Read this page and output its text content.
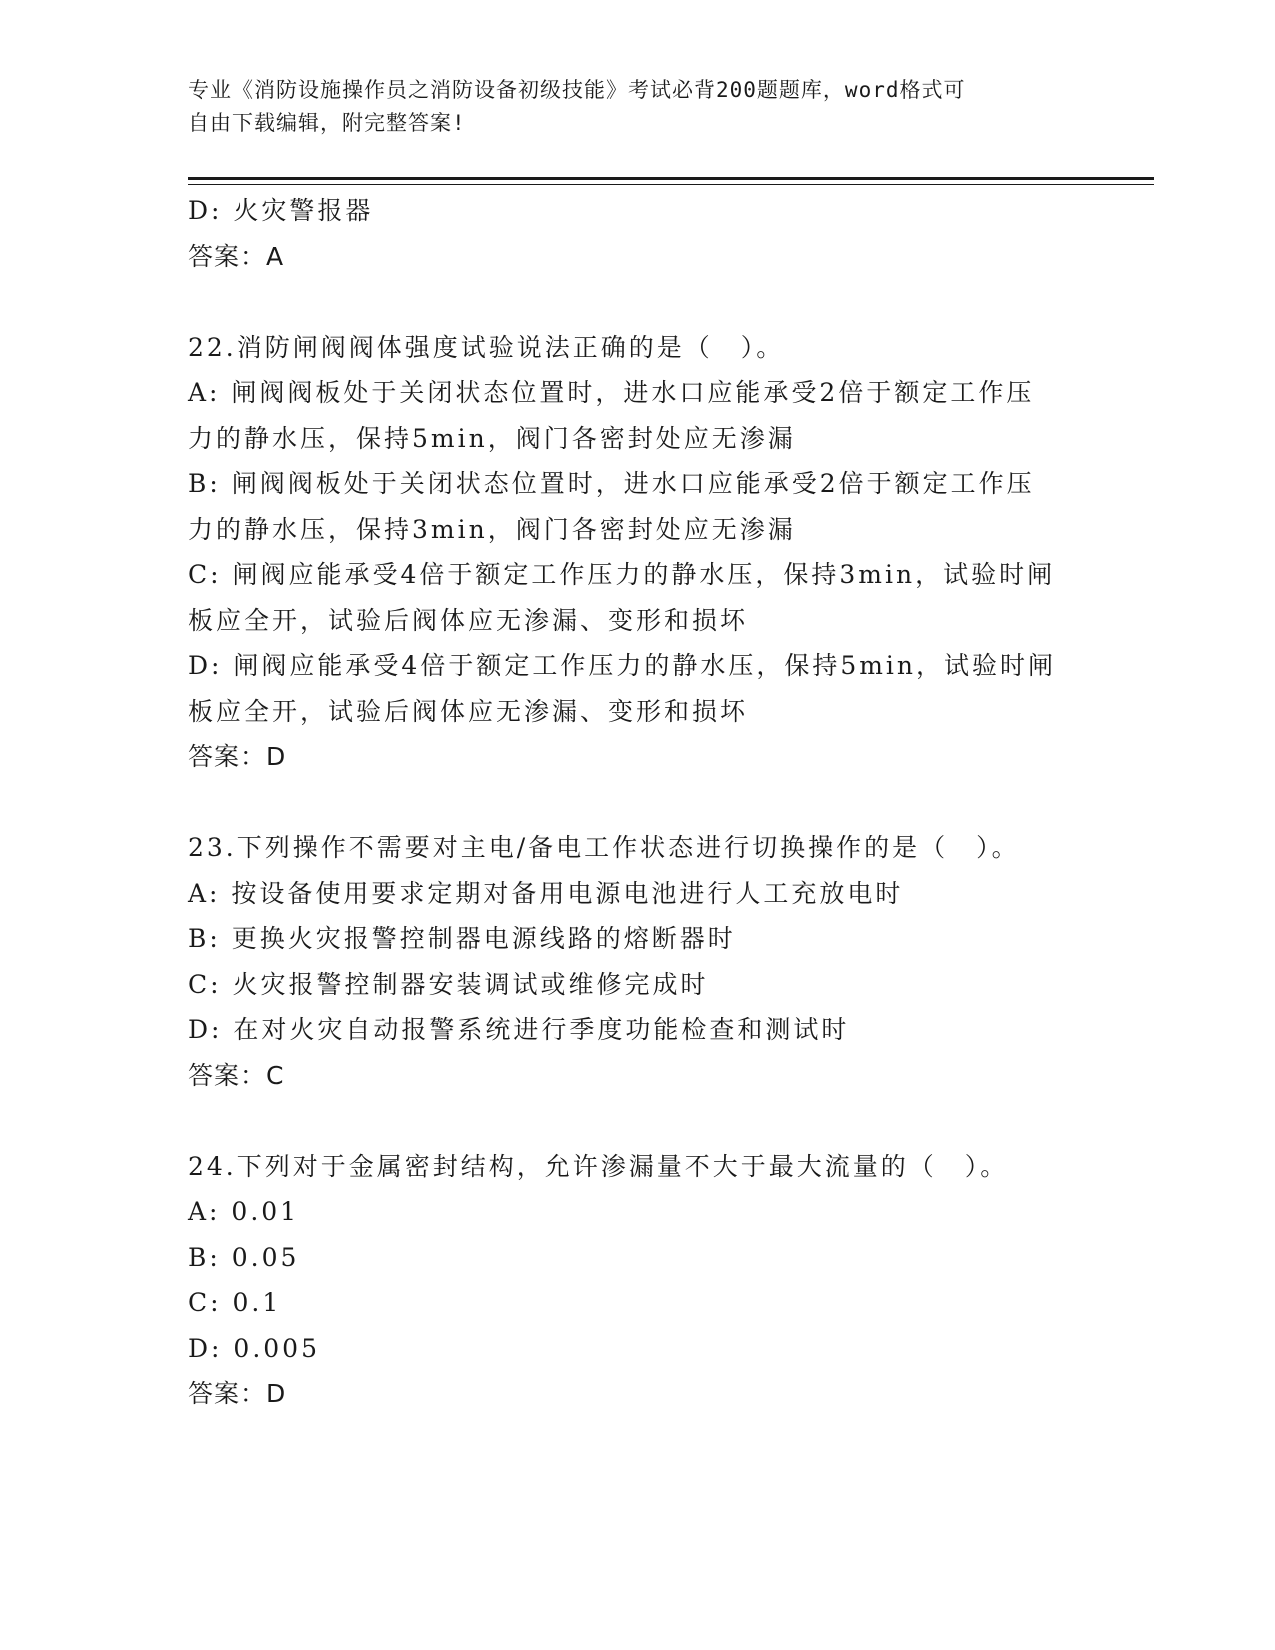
专业《消防设施操作员之消防设备初级技能》考试必背200题题库，word格式可
自由下载编辑，附完整答案!
D: 火灾警报器
答案：A
22.消防闸阀阀体强度试验说法正确的是（　）。
A: 闸阀阀板处于关闭状态位置时，进水口应能承受2倍于额定工作压
力的静水压，保持5min，阀门各密封处应无渗漏
B: 闸阀阀板处于关闭状态位置时，进水口应能承受2倍于额定工作压
力的静水压，保持3min，阀门各密封处应无渗漏
C: 闸阀应能承受4倍于额定工作压力的静水压，保持3min，试验时闸
板应全开，试验后阀体应无渗漏、变形和损坏
D: 闸阀应能承受4倍于额定工作压力的静水压，保持5min，试验时闸
板应全开，试验后阀体应无渗漏、变形和损坏
答案：D
23.下列操作不需要对主电/备电工作状态进行切换操作的是（　）。
A: 按设备使用要求定期对备用电源电池进行人工充放电时
B: 更换火灾报警控制器电源线路的熔断器时
C: 火灾报警控制器安装调试或维修完成时
D: 在对火灾自动报警系统进行季度功能检查和测试时
答案：C
24.下列对于金属密封结构，允许渗漏量不大于最大流量的（　）。
A: 0.01
B: 0.05
C: 0.1
D: 0.005
答案：D
